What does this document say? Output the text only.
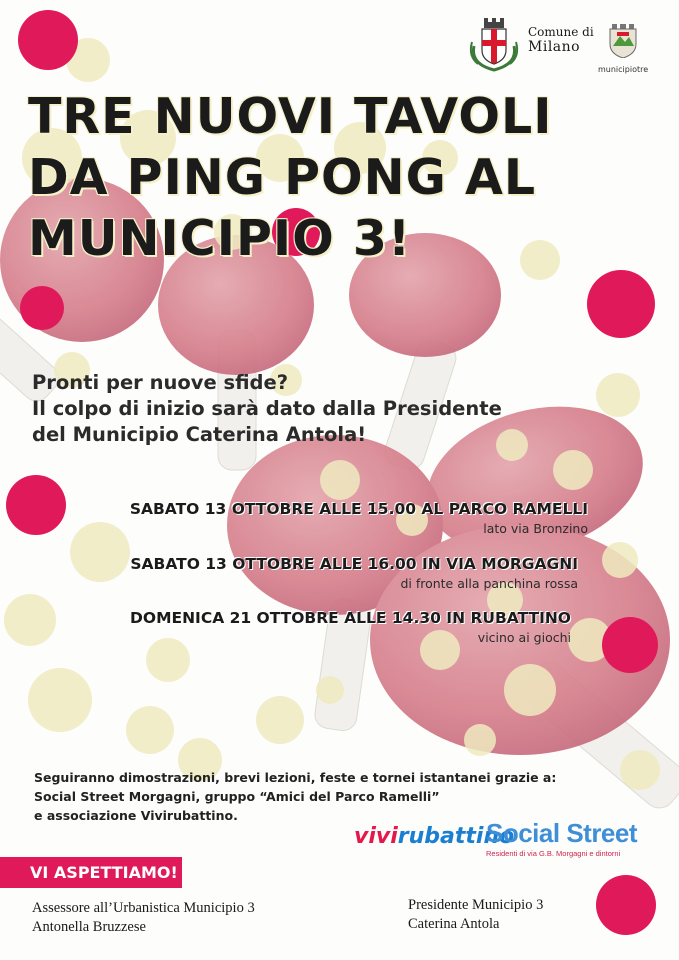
Comune di
Milano
municipiotre
TRE NUOVI TAVOLI
DA PING PONG AL
MUNICIPIO 3!
Pronti per nuove sfide?
Il colpo di inizio sarà dato dalla Presidente
del Municipio Caterina Antola!
SABATO 13 OTTOBRE ALLE 15.00 AL PARCO RAMELLI
lato via Bronzino
SABATO 13 OTTOBRE ALLE 16.00 IN VIA MORGAGNI
di fronte alla panchina rossa
DOMENICA 21 OTTOBRE ALLE 14.30 IN RUBATTINO
vicino ai giochi
Seguiranno dimostrazioni, brevi lezioni, feste e tornei istantanei grazie a:
Social Street Morgagni, gruppo “Amici del Parco Ramelli”
e associazione Vivirubattino.
vivirubattino
Social Street
Residenti di via G.B. Morgagni e dintorni
VI ASPETTIAMO!
Assessore all’Urbanistica Municipio 3
Antonella Bruzzese
Presidente Municipio 3
Caterina Antola
